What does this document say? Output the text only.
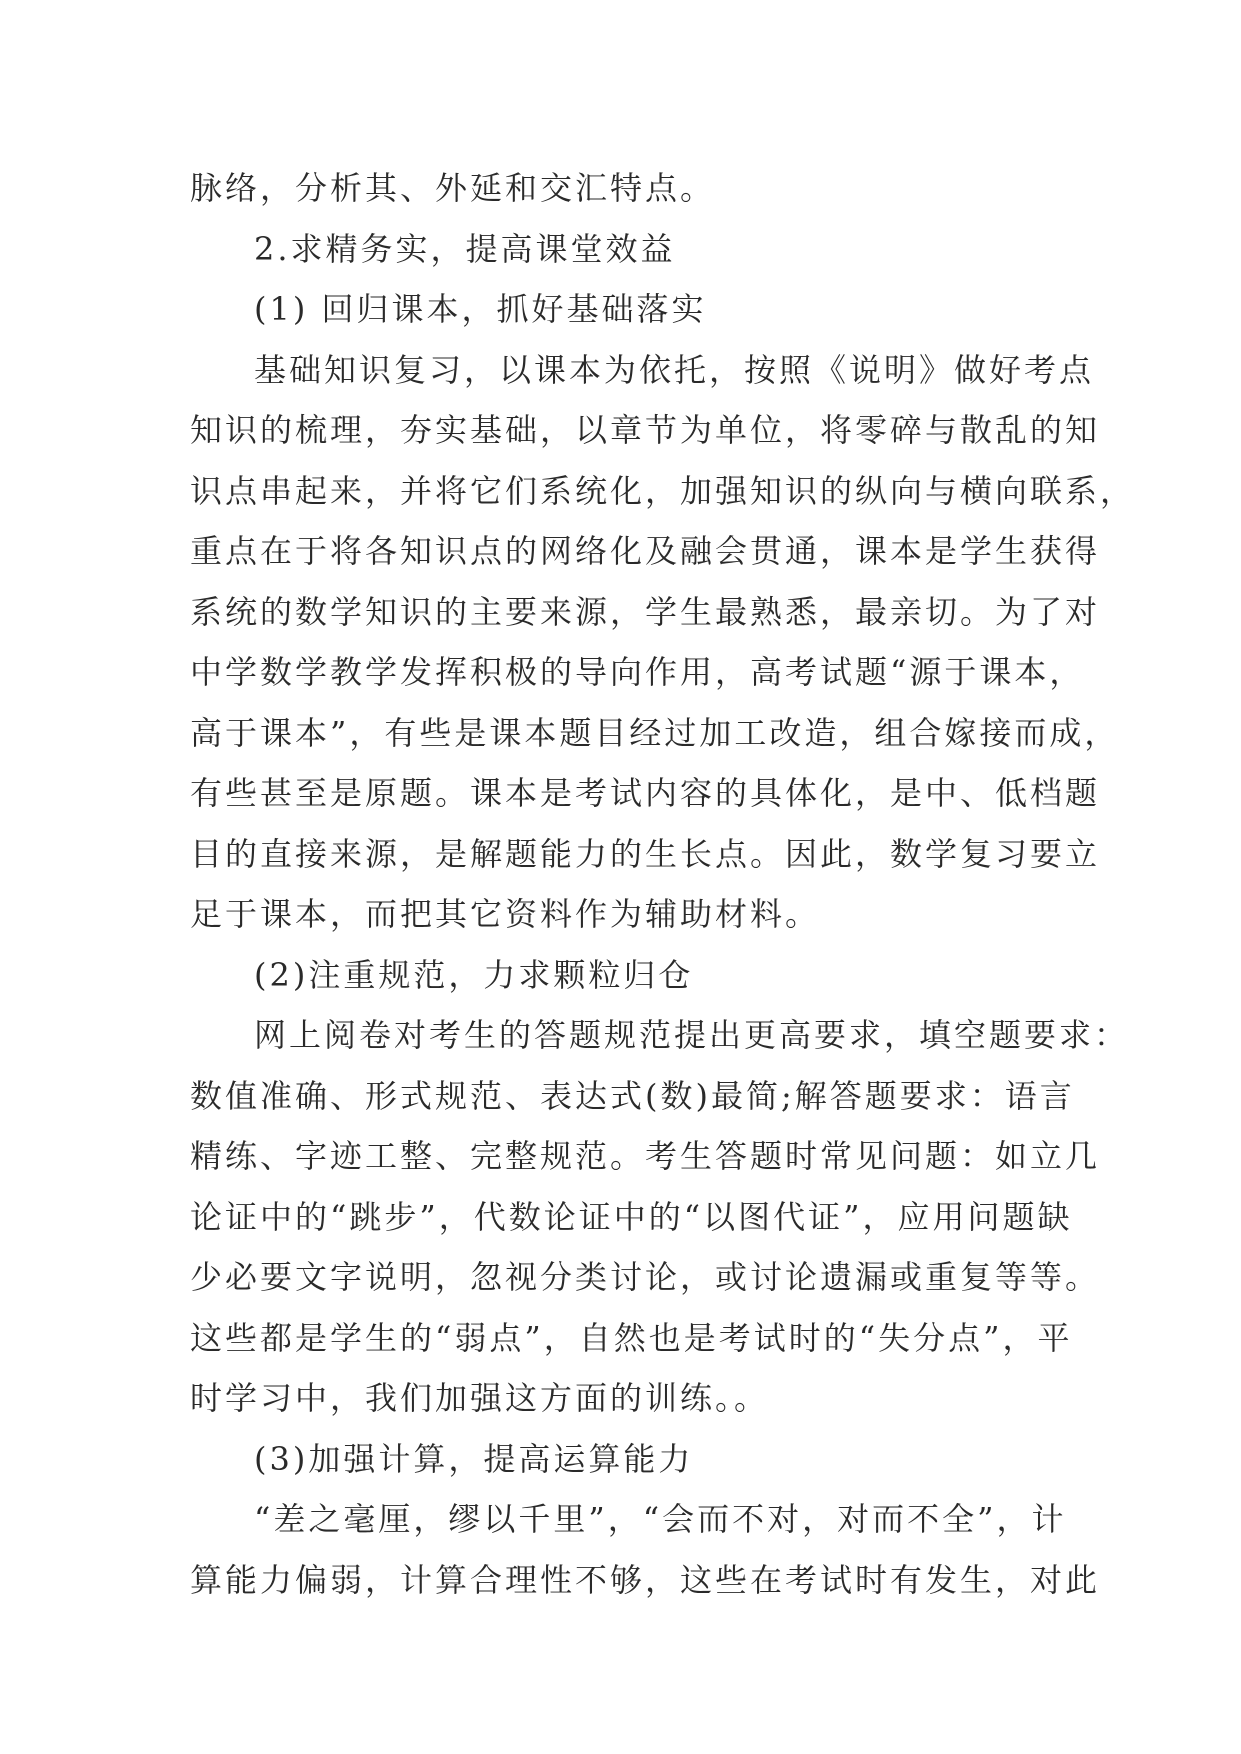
脉络，分析其、外延和交汇特点。
2.求精务实，提高课堂效益
(1) 回归课本，抓好基础落实
基础知识复习，以课本为依托，按照《说明》做好考点
知识的梳理，夯实基础，以章节为单位，将零碎与散乱的知
识点串起来，并将它们系统化，加强知识的纵向与横向联系，
重点在于将各知识点的网络化及融会贯通，课本是学生获得
系统的数学知识的主要来源，学生最熟悉，最亲切。为了对
中学数学教学发挥积极的导向作用，高考试题“源于课本，
高于课本”，有些是课本题目经过加工改造，组合嫁接而成，
有些甚至是原题。课本是考试内容的具体化，是中、低档题
目的直接来源，是解题能力的生长点。因此，数学复习要立
足于课本，而把其它资料作为辅助材料。
(2)注重规范，力求颗粒归仓
网上阅卷对考生的答题规范提出更高要求，填空题要求：
数值准确、形式规范、表达式(数)最简;解答题要求：语言
精练、字迹工整、完整规范。考生答题时常见问题：如立几
论证中的“跳步”，代数论证中的“以图代证”，应用问题缺
少必要文字说明，忽视分类讨论，或讨论遗漏或重复等等。
这些都是学生的“弱点”，自然也是考试时的“失分点”，平
时学习中，我们加强这方面的训练。。
(3)加强计算，提高运算能力
“差之毫厘，缪以千里”，“会而不对，对而不全”，计
算能力偏弱，计算合理性不够，这些在考试时有发生，对此
